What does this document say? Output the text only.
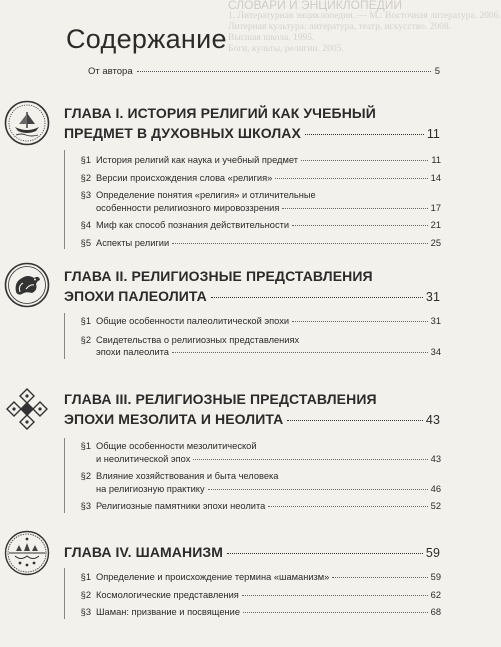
СЛОВАРИ И ЭНЦИКЛОПЕДИИ
1. Литературная энциклопедия. — М.: Восточная литература. 2006.
Литерная культура: литература, театр, искусство. 2008.
Высшая школа, 1995.
Боги, культы, религии. 2005.
Содержание
От автора	5
ГЛАВА I. ИСТОРИЯ РЕЛИГИЙ КАК УЧЕБНЫЙ
ПРЕДМЕТ В ДУХОВНЫХ ШКОЛАХ	11
§1 История религий как наука и учебный предмет	11
§2 Версии происхождения слова «религия»	14
§3 Определение понятия «религия» и отличительные
особенности религиозного мировоззрения	17
§4 Миф как способ познания действительности	21
§5 Аспекты религии	25
ГЛАВА II. РЕЛИГИОЗНЫЕ ПРЕДСТАВЛЕНИЯ
ЭПОХИ ПАЛЕОЛИТА	31
§1 Общие особенности палеолитической эпохи	31
§2 Свидетельства о религиозных представлениях
эпохи палеолита	34
ГЛАВА III. РЕЛИГИОЗНЫЕ ПРЕДСТАВЛЕНИЯ
ЭПОХИ МЕЗОЛИТА И НЕОЛИТА	43
§1 Общие особенности мезолитической
и неолитической эпох	43
§2 Влияние хозяйствования и быта человека
на религиозную практику	46
§3 Религиозные памятники эпохи неолита	52
ГЛАВА IV. ШАМАНИЗМ	59
§1 Определение и происхождение термина «шаманизм»	59
§2 Космологические представления	62
§3 Шаман: призвание и посвящение	68
